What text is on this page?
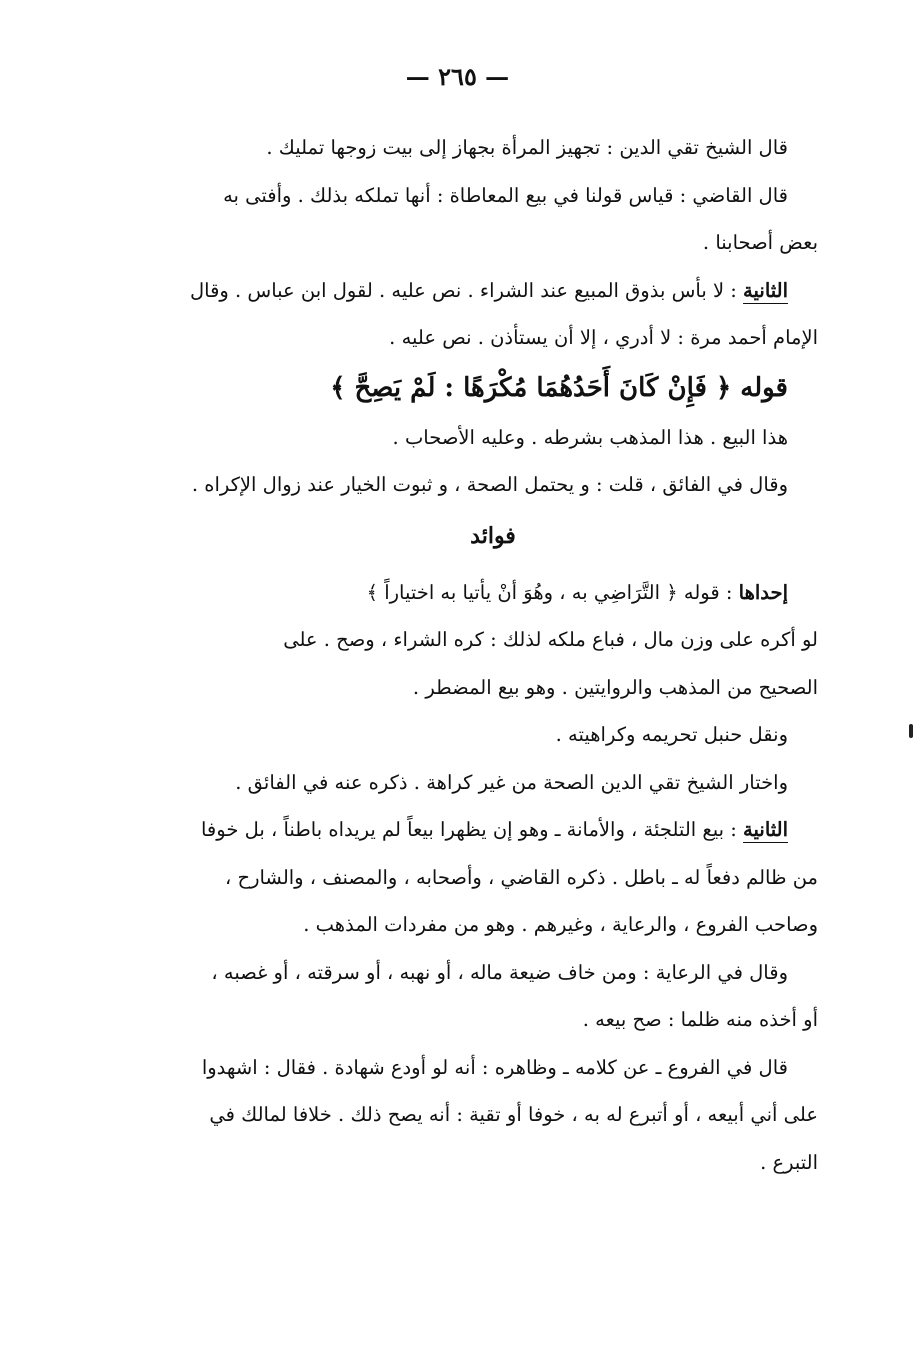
— ٢٦٥ —
قال الشيخ تقي الدين : تجهيز المرأة بجهاز إلى بيت زوجها تمليك .
قال القاضي : قياس قولنا في بيع المعاطاة : أنها تملكه بذلك . وأفتى به
بعض أصحابنا .
الثانية : لا بأس بذوق المبيع عند الشراء . نص عليه . لقول ابن عباس . وقال
الإمام أحمد مرة : لا أدري ، إلا أن يستأذن . نص عليه .
قوله ﴿ فَإِنْ كَانَ أَحَدُهُمَا مُكْرَهًا : لَمْ يَصِحَّ ﴾
هذا البيع . هذا المذهب بشرطه . وعليه الأصحاب .
وقال في الفائق ، قلت : و يحتمل الصحة ، و ثبوت الخيار عند زوال الإكراه .
فوائد
إحداها : قوله ﴿ التَّرَاضِي به ، وهُوَ أنْ يأتيا به اختياراً ﴾
لو أكره على وزن مال ، فباع ملكه لذلك : كره الشراء ، وصح . على
الصحيح من المذهب والروايتين . وهو بيع المضطر .
ونقل حنبل تحريمه وكراهيته .
واختار الشيخ تقي الدين الصحة من غير كراهة . ذكره عنه في الفائق .
الثانية : بيع التلجئة ، والأمانة ـ وهو إن يظهرا بيعاً لم يريداه باطناً ، بل خوفا
من ظالم دفعاً له ـ باطل . ذكره القاضي ، وأصحابه ، والمصنف ، والشارح ،
وصاحب الفروع ، والرعاية ، وغيرهم . وهو من مفردات المذهب .
وقال في الرعاية : ومن خاف ضيعة ماله ، أو نهبه ، أو سرقته ، أو غصبه ،
أو أخذه منه ظلما : صح بيعه .
قال في الفروع ـ عن كلامه ـ وظاهره : أنه لو أودع شهادة . فقال : اشهدوا
على أني أبيعه ، أو أتبرع له به ، خوفا أو تقية : أنه يصح ذلك . خلافا لمالك في
التبرع .
